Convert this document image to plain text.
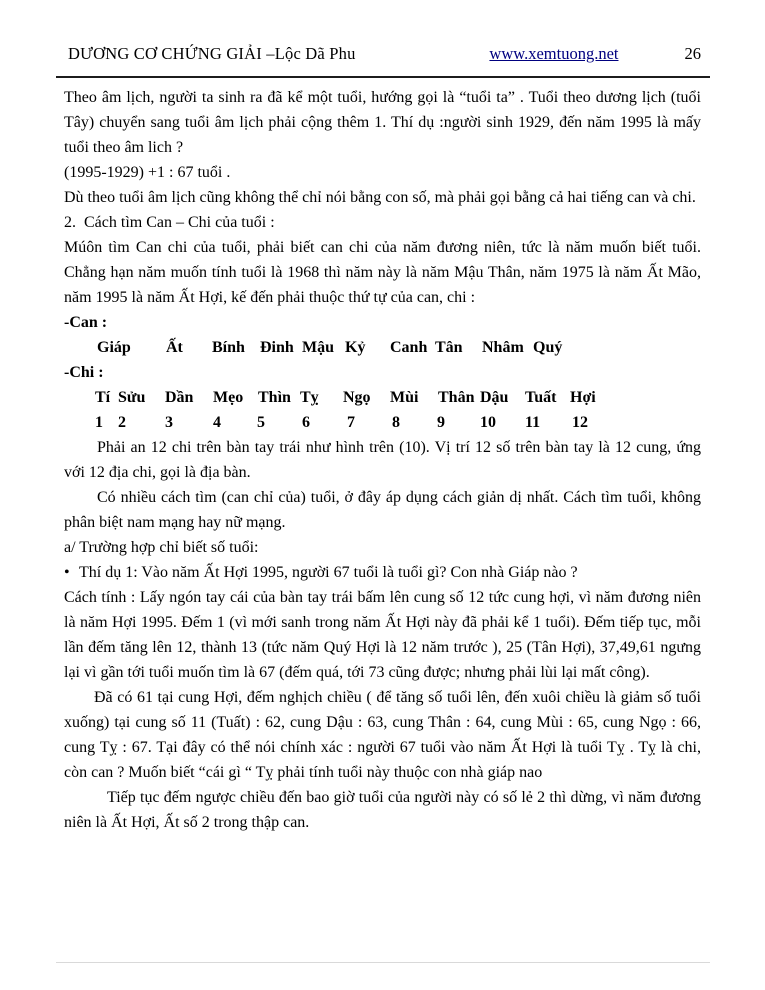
DƯƠNG CƠ CHỨNG GIẢI –Lộc Dã Phu	www.xemtuong.net	26

Theo âm lịch, người ta sinh ra đã kể một tuổi, hướng gọi là “tuổi ta” . Tuổi theo dương lịch (tuổi Tây) chuyển sang tuổi âm lịch phải cộng thêm 1. Thí dụ :người sinh 1929, đến năm 1995 là mấy tuổi theo âm lich ?

(1995-1929) +1 : 67 tuổi .

Dù theo tuổi âm lịch cũng không thể chỉ nói bằng con số, mà phải gọi bằng cả hai tiếng can và chi.

2.  Cách tìm Can – Chi của tuổi :

Múôn tìm Can chi của tuổi, phải biết can chi của năm đương niên, tức là năm muốn biết tuổi. Chẳng hạn năm muốn tính tuổi là 1968 thì năm này là năm Mậu Thân, năm 1975 là năm Ất Mão, năm 1995 là năm Ất Hợi, kế đến phải thuộc thứ tự của can, chi :

-Can :

Giáp Ất Bính Đinh Mậu Kỷ Canh Tân Nhâm Quý

-Chi :

Tí Sửu Dần Mẹo Thìn Tỵ Ngọ Mùi Thân Dậu Tuất Hợi
1 2 3	4 5 6 7 8 9 10 11 12

Phải an 12 chi trên bàn tay trái như hình trên (10). Vị trí 12 số trên bàn tay là 12 cung, ứng với 12 địa chi, gọi là địa bàn.

Có nhiều cách tìm (can chỉ của) tuổi, ở đây áp dụng cách giản dị nhất. Cách tìm tuổi, không phân biệt nam mạng hay nữ mạng.

a/ Trường hợp chỉ biết số tuổi:

• Thí dụ 1: Vào năm Ất Hợi 1995, người 67 tuổi là tuổi gì? Con nhà Giáp nào ?

Cách tính : Lấy ngón tay cái của bàn tay trái bấm lên cung số 12 tức cung hợi, vì năm đương niên là năm Hợi 1995. Đếm 1 (vì mới sanh trong năm Ất Hợi này đã phải kể 1 tuổi). Đếm tiếp tục, mỗi lần đếm tăng lên 12, thành 13 (tức năm Quý Hợi là 12 năm trước ), 25 (Tân Hợi), 37,49,61 ngưng lại vì gần tới tuổi muốn tìm là 67 (đếm quá, tới 73 cũng được; nhưng phải lùi lại mất công).

Đã có 61 tại cung Hợi, đếm nghịch chiều ( để tăng số tuổi lên, đến xuôi chiều là giảm số tuổi xuống) tại cung số 11 (Tuất) : 62, cung Dậu : 63, cung Thân : 64, cung Mùi : 65, cung Ngọ : 66, cung Tỵ : 67. Tại đây có thể nói chính xác : người 67 tuổi vào năm Ất Hợi là tuổi Tỵ . Tỵ là chi, còn can ? Muốn biết “cái gì “ Tỵ phải tính tuổi này thuộc con nhà giáp nao

Tiếp tục đếm ngược chiều đến bao giờ tuổi của người này có số lẻ 2 thì dừng, vì năm đương niên là Ất Hợi, Ất số 2 trong thập can.
